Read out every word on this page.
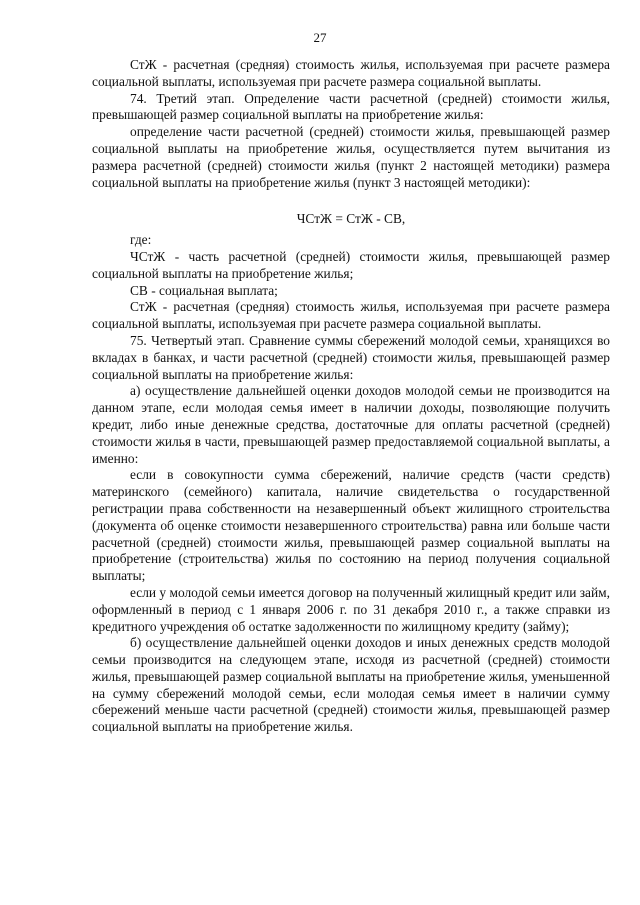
27

СтЖ - расчетная (средняя) стоимость жилья, используемая при расчете размера социальной выплаты, используемая при расчете размера социальной выплаты.

74. Третий этап. Определение части расчетной (средней) стоимости жилья, превышающей размер социальной выплаты на приобретение жилья:

определение части расчетной (средней) стоимости жилья, превышающей размер социальной выплаты на приобретение жилья, осуществляется путем вычитания из размера расчетной (средней) стоимости жилья (пункт 2 настоящей методики) размера социальной выплаты на приобретение жилья (пункт 3 настоящей методики):

ЧСтЖ = СтЖ - СВ,

где:

ЧСтЖ - часть расчетной (средней) стоимости жилья, превышающей размер социальной выплаты на приобретение жилья;

СВ - социальная выплата;

СтЖ - расчетная (средняя) стоимость жилья, используемая при расчете размера социальной выплаты, используемая при расчете размера социальной выплаты.

75. Четвертый этап. Сравнение суммы сбережений молодой семьи, хранящихся во вкладах в банках, и части расчетной (средней) стоимости жилья, превышающей размер социальной выплаты на приобретение жилья:

а) осуществление дальнейшей оценки доходов молодой семьи не производится на данном этапе, если молодая семья имеет в наличии доходы, позволяющие получить кредит, либо иные денежные средства, достаточные для оплаты расчетной (средней) стоимости жилья в части, превышающей размер предоставляемой социальной выплаты, а именно:

если в совокупности сумма сбережений, наличие средств (части средств) материнского (семейного) капитала, наличие свидетельства о государственной регистрации права собственности на незавершенный объект жилищного строительства (документа об оценке стоимости незавершенного строительства) равна или больше части расчетной (средней) стоимости жилья, превышающей размер социальной выплаты на приобретение (строительства) жилья по состоянию на период получения социальной выплаты;

если у молодой семьи имеется договор на полученный жилищный кредит или займ, оформленный в период с 1 января 2006 г. по 31 декабря 2010 г., а также справки из кредитного учреждения об остатке задолженности по жилищному кредиту (займу);

б) осуществление дальнейшей оценки доходов и иных денежных средств молодой семьи производится на следующем этапе, исходя из расчетной (средней) стоимости жилья, превышающей размер социальной выплаты на приобретение жилья, уменьшенной на сумму сбережений молодой семьи, если молодая семья имеет в наличии сумму сбережений меньше части расчетной (средней) стоимости жилья, превышающей размер социальной выплаты на приобретение жилья.
